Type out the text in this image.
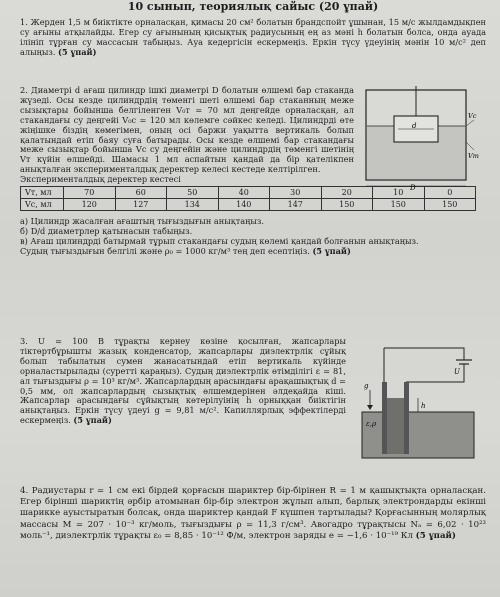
10 сынып, теориялық сайыс (20 ұпай)

1. Жерден 1,5 м биіктікте орналасқан, қимасы 20 см² болатын брандспойт ұшынан, 15 м/с жылдамдықпен су ағыны атқылайды. Егер су ағынының қисықтық радиусының ең аз мәні h болатын болса, онда ауада ілініп тұрған су массасын табыңыз. Ауа кедергісін ескермеңіз. Еркін түсу үдеуінің мәнін 10 м/с² деп алыңыз. (5 ұпай)

2. Диаметрі d ағаш цилиндр ішкі диаметрі D болатын өлшемі бар стаканда жүзеді. Осы кезде цилиндрдің төменгі шеті өлшемі бар стаканның меже сызықтары бойынша белгіленген V₀т = 70 мл деңгейде орналасқан, ал стакандағы су деңгейі V₀с = 120 мл көлемге сәйкес келеді. Цилиндрді өте жіңішке біздің көмегімен, оның осі баржи уақытта вертикаль болып қалатындай етіп баяу суға батырады. Осы кезде өлшемі бар стакандағы меже сызықтар бойынша Vс су деңгейін және цилиндрдің төменгі шетінің Vт күйін өлшейді. Шамасы 1 мл аспайтын қандай да бір қателікпен анықталған эксперименталдық деректер келесі кестеде келтірілген.

Эксперименталдық деректер кестесі
Vт, мл	70	60	50	40	30	20	10	0
Vс, мл	120	127	134	140	147	150	150	150

а) Цилиндр жасалған ағаштың тығыздығын анықтаңыз.

б) D/d диаметрлер қатынасын табыңыз.

в) Ағаш цилиндрді батырмай тұрып стакандағы судың көлемі қандай болғанын анықтаңыз.

Судың тығыздығын белгілі және ρ₀ = 1000 кг/м³ тең деп есептіңіз. (5 ұпай)

d
D
Vс
Vт

3. U = 100 В тұрақты кернеу көзіне қосылған, жапсарлары тіктөртбұрышты жазық конденсатор, жапсарлары диэлектрлік сұйық болып табылатын сумен жанасатындай етіп вертикаль күйінде орналастырылады (суретті қараңыз). Судың диэлектрлік өтімділігі ε = 81, ал тығыздығы ρ = 10³ кг/м³. Жапсарлардың арасындағы арақашықтық d = 0,5 мм, ол жапсарлардың сызықтық өлшемдерінен әлдеқайда кіші. Жапсарлар арасындағы сұйықтың көтерілуінің h орныққан биіктігін анықтаңыз. Еркін түсу үдеуі g = 9,81 м/с². Капиллярлық эффектілерді ескермеңіз. (5 ұпай)

U
h
g
ε,ρ

4. Радиустары r = 1 см екі бірдей қорғасын шариктер бір-бірінен R = 1 м қашықтықта орналасқан. Егер біріншi шариктің әрбір атомынан бір-бір электрон жұлып алып, барлық электрондарды екінші шарикке ауыстыратын болсақ, онда шариктер қандай F күшпен тартылады? Қорғасынның молярлық массасы M = 207 · 10⁻³ кг/моль, тығыздығы ρ = 11,3 г/см³. Авогадро тұрақтысы Nₐ = 6,02 · 10²³ моль⁻¹, диэлектрлік тұрақты ε₀ = 8,85 · 10⁻¹² Ф/м, электрон заряды e = −1,6 · 10⁻¹⁹ Кл (5 ұпай)
